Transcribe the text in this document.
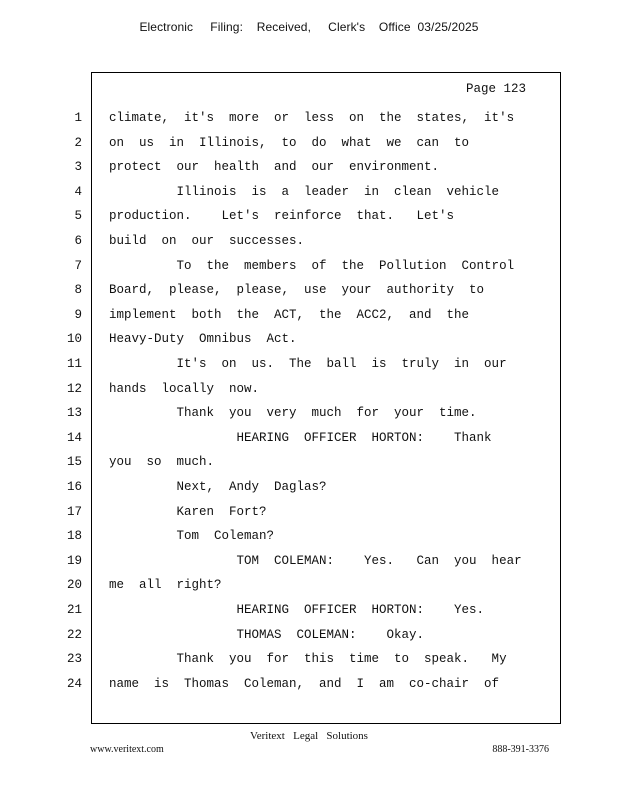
Electronic     Filing:    Received,     Clerk's    Office  03/25/2025
Page 123
1 climate,  it's  more  or  less  on  the  states,  it's
2 on  us  in  Illinois,  to  do  what  we  can  to
3 protect  our  health  and  our  environment.
4 Illinois  is  a  leader  in  clean  vehicle
5 production.    Let's  reinforce  that.   Let's
6 build  on  our  successes.
7 To  the  members  of  the  Pollution  Control
8 Board,  please,  please,  use  your  authority  to
9 implement  both  the  ACT,  the  ACC2,  and  the
10 Heavy-Duty  Omnibus  Act.
11 It's  on  us.  The  ball  is  truly  in  our
12 hands  locally  now.
13 Thank  you  very  much  for  your  time.
14 HEARING  OFFICER  HORTON:    Thank
15 you  so  much.
16 Next,  Andy  Daglas?
17 Karen  Fort?
18 Tom  Coleman?
19 TOM  COLEMAN:    Yes.   Can  you  hear
20 me  all  right?
21 HEARING  OFFICER  HORTON:    Yes.
22 THOMAS  COLEMAN:    Okay.
23 Thank  you  for  this  time  to  speak.   My
24 name  is  Thomas  Coleman,  and  I  am  co-chair  of
Veritext   Legal   Solutions
www.veritext.com	888-391-3376
